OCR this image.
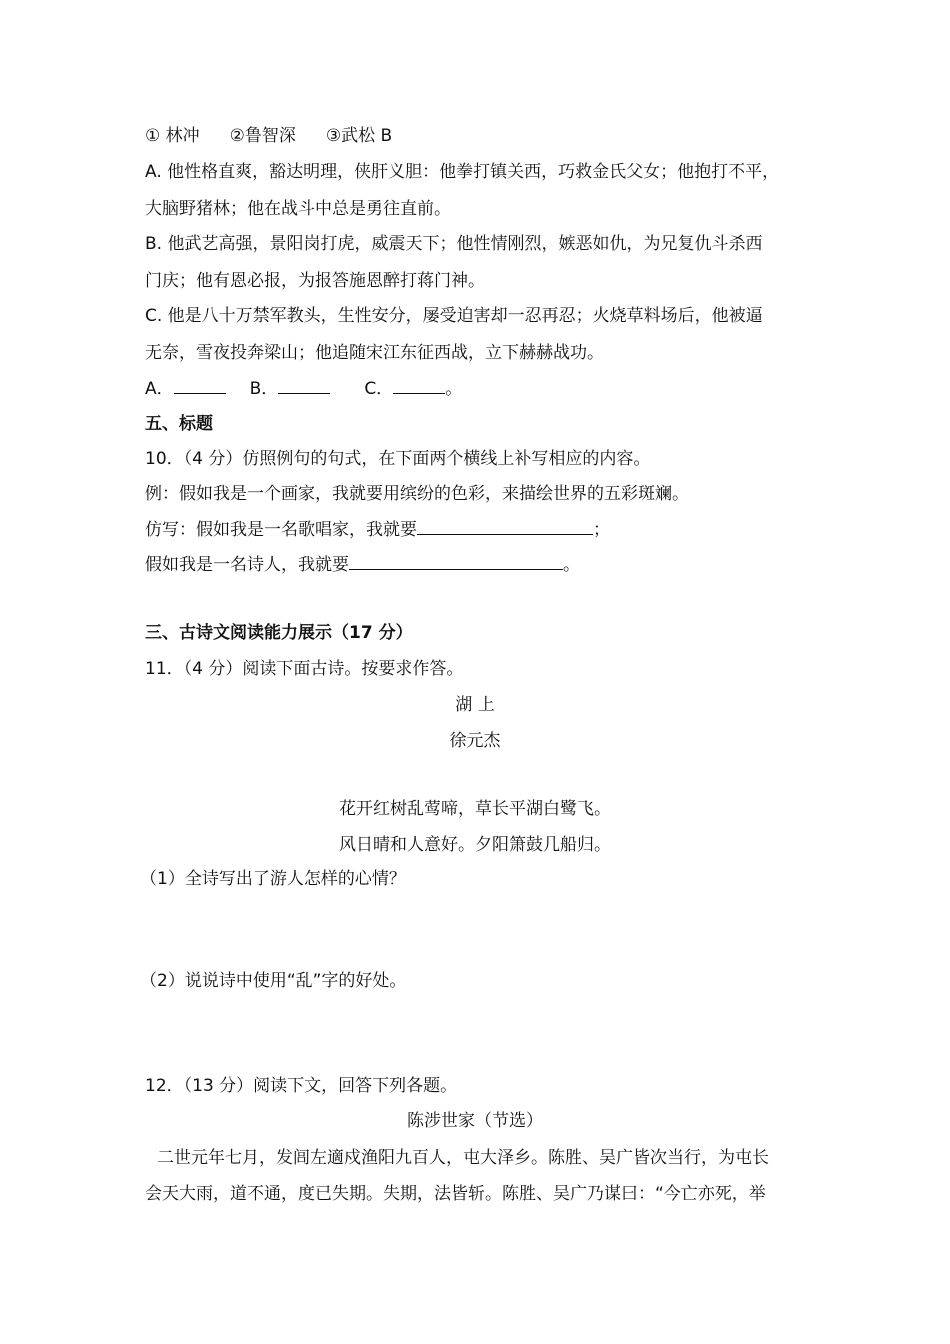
① 林冲 ②鲁智深 ③武松 B
A. 他性格直爽，豁达明理，侠肝义胆：他拳打镇关西，巧救金氏父女；他抱打不平，
大脑野猪林；他在战斗中总是勇往直前。
B. 他武艺高强，景阳岗打虎，威震天下；他性情刚烈，嫉恶如仇，为兄复仇斗杀西
门庆；他有恩必报，为报答施恩醉打蒋门神。
C. 他是八十万禁军教头，生性安分，屡受迫害却一忍再忍；火烧草料场后，他被逼
无奈，雪夜投奔梁山；他追随宋江东征西战，立下赫赫战功。
A．	B．	C．	。
五、标题
10．（4 分）仿照例句的句式，在下面两个横线上补写相应的内容。
例：假如我是一个画家，我就要用缤纷的色彩，来描绘世界的五彩斑斓。
仿写：假如我是一名歌唱家，我就要	；
假如我是一名诗人，我就要	。
三、古诗文阅读能力展示（17 分）
11．（4 分）阅读下面古诗。按要求作答。
湖 上
徐元杰
花开红树乱莺啼，草长平湖白鹭飞。
风日晴和人意好。夕阳箫鼓几船归。
（1）全诗写出了游人怎样的心情？
（2）说说诗中使用“乱”字的好处。
12．（13 分）阅读下文，回答下列各题。
陈涉世家（节选）
二世元年七月，发闾左適戍渔阳九百人，屯大泽乡。陈胜、吴广皆次当行，为屯长
会天大雨，道不通，度已失期。失期，法皆斩。陈胜、吴广乃谋曰：“今亡亦死，举
